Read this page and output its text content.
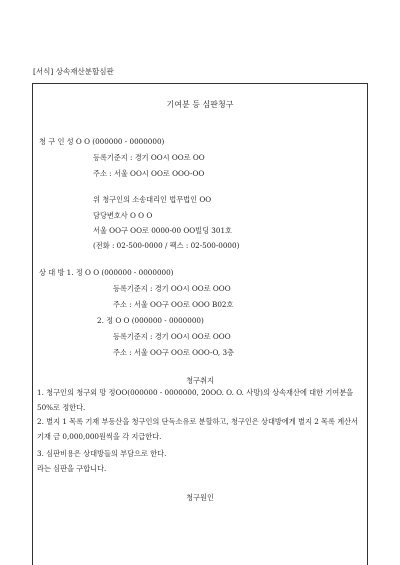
[서식] 상속재산분할심판
기여분 등 심판청구
청 구 인 성 O O (000000 - 0000000)
등록기준지 : 경기 OO시 OO로 OO
주소 : 서울 OO시 OO로 OOO-OO
위 청구인의 소송대리인 법무법인 OO
담당변호사 O O O
서울 OO구 OO로 0000-00 OO빌딩 301호
(전화 : 02-500-0000 / 팩스 : 02-500-0000)
상 대 방 1. 정 O O (000000 - 0000000)
등록기준지 : 경기 OO시 OO로 OOO
주소 : 서울 OO구 OO로 OOO B02호
2. 정 O O (000000 - 0000000)
등록기준지 : 경기 OO시 OO로 OOO
주소 : 서울 OO구 OO로 OOO-O, 3층
청구취지
1. 청구인의 청구외 망 정OO(000000 - 0000000, 20OO. O. O. 사망)의 상속재산에 대한 기여분을 50%로 정한다.
2. 별지 1 목록 기재 부동산을 청구인의 단독소유로 분할하고, 청구인은 상대방에게 별지 2 목록 계산서 기재 금 0,000,000원씩을 각 지급한다.
3. 심판비용은 상대방들의 부담으로 한다.
라는 심판을 구합니다.
청구원인
